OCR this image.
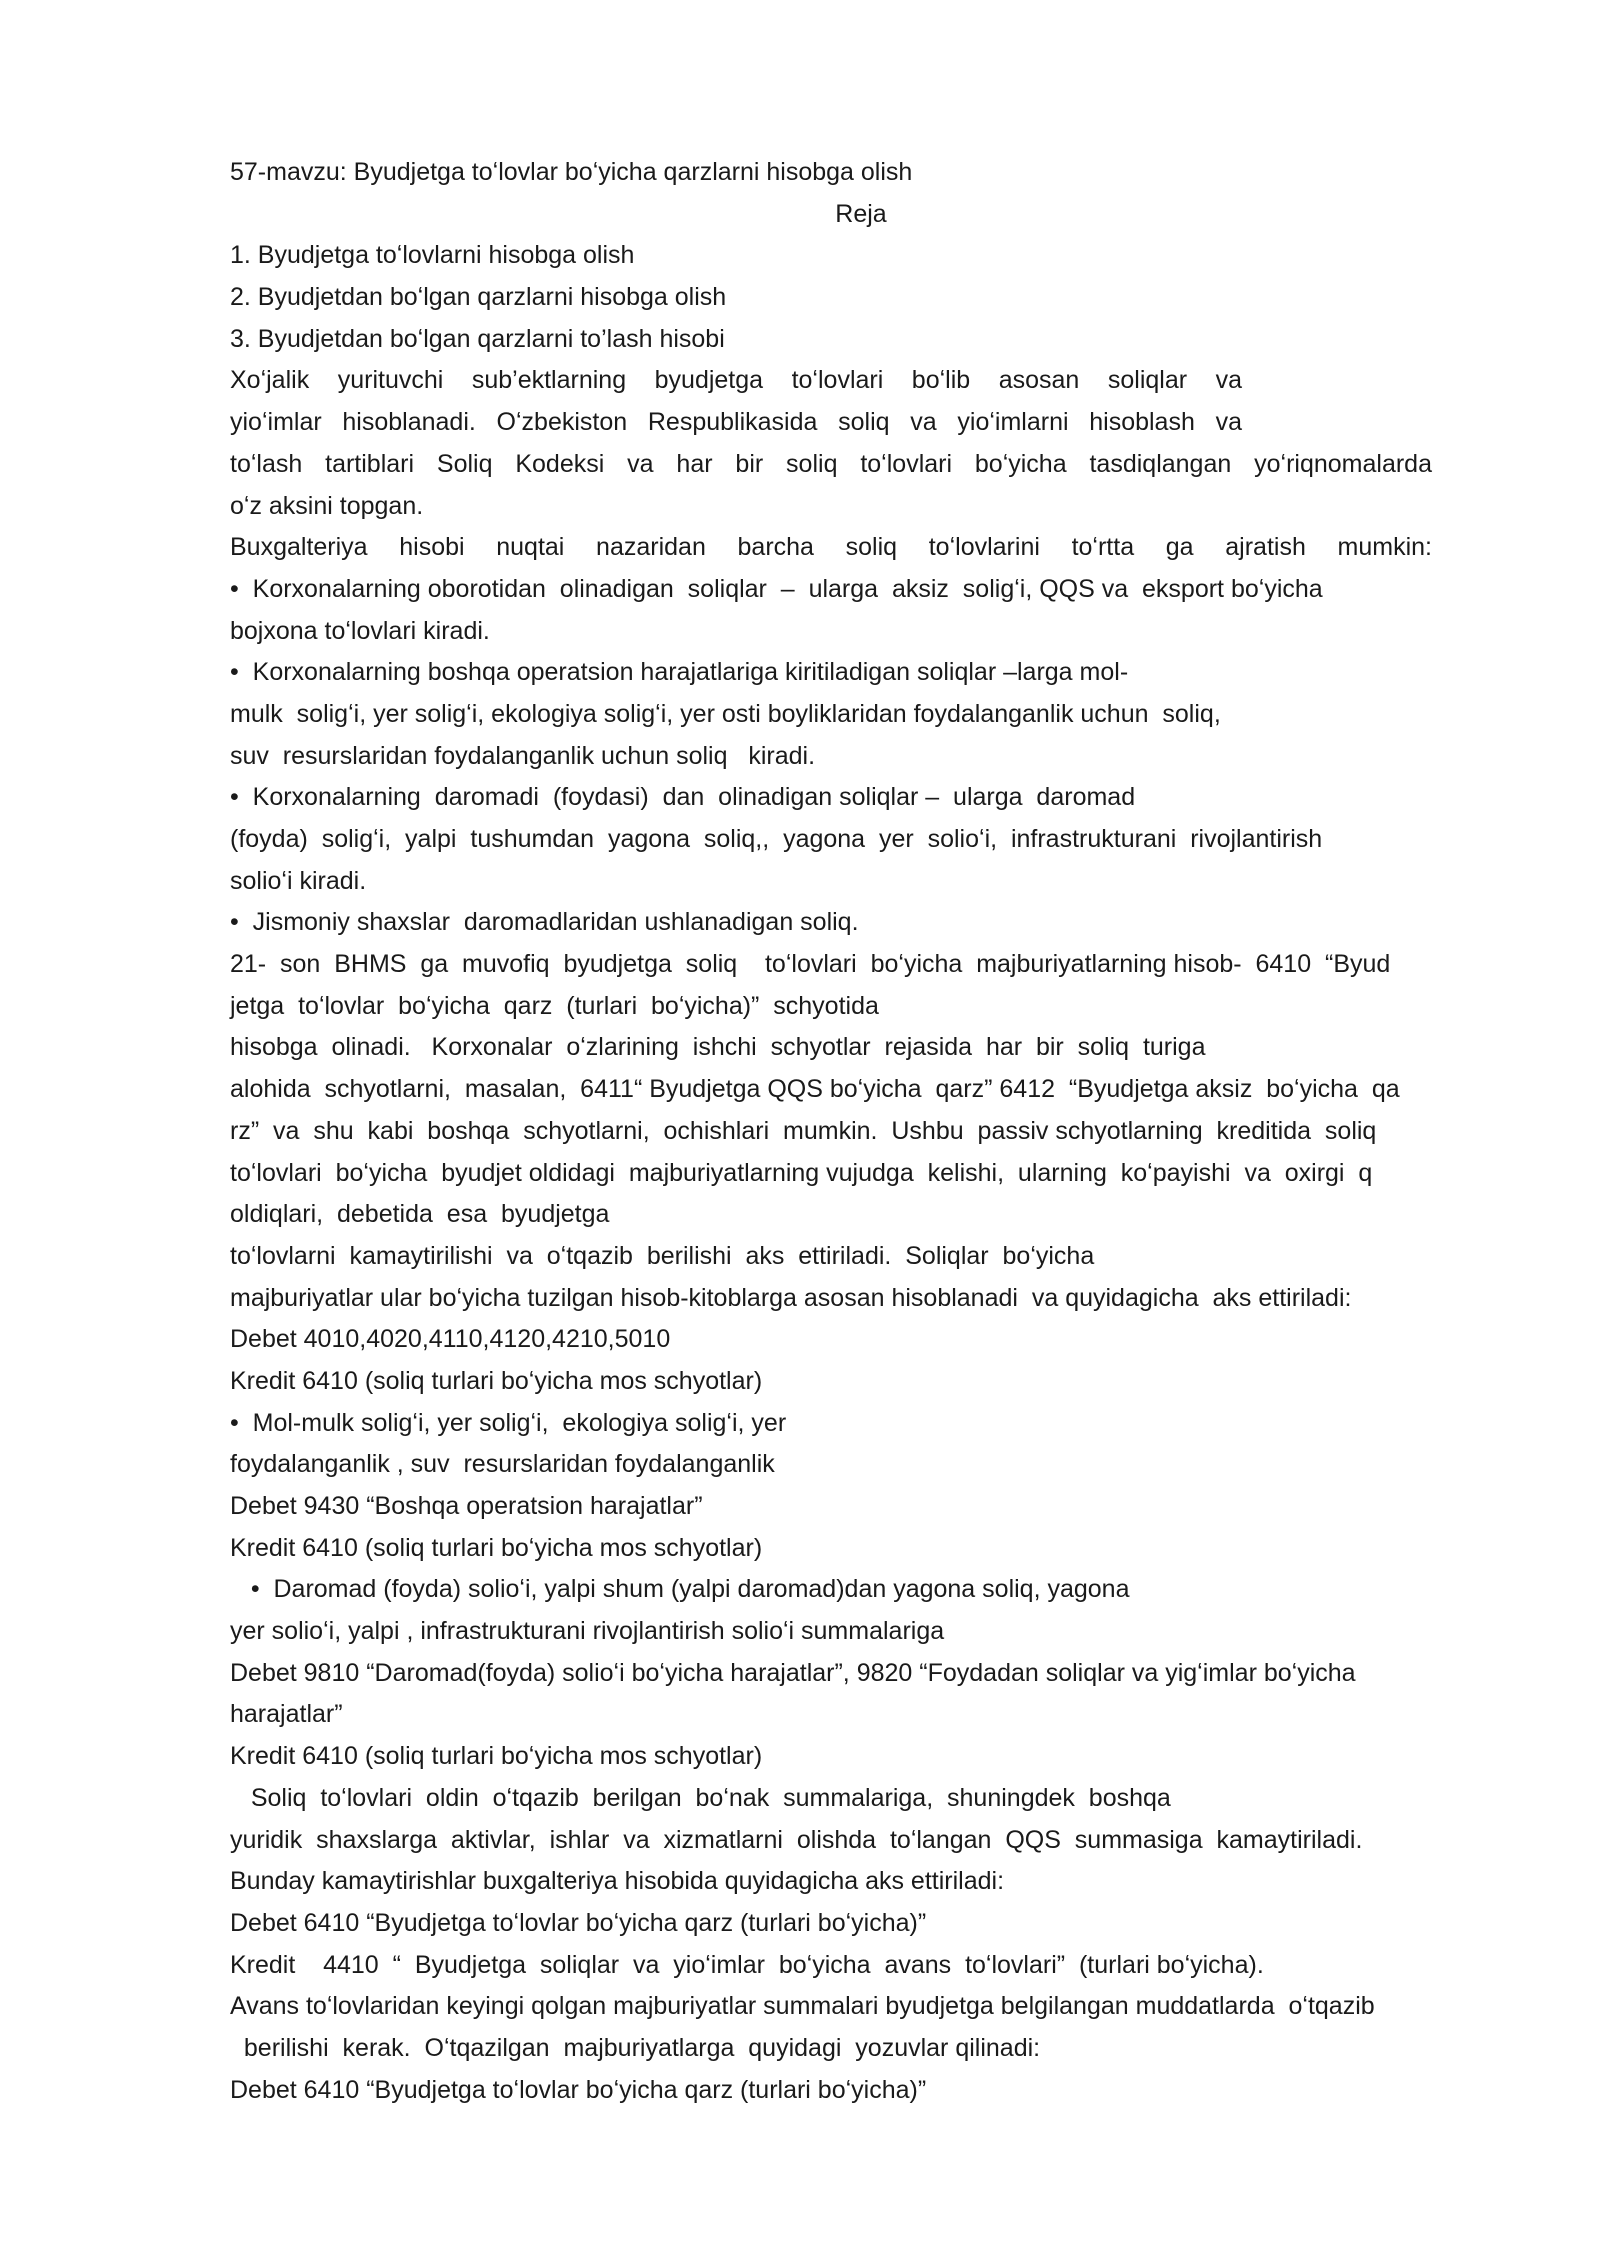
57-mavzu: Byudjetga toʻlovlar boʻyicha qarzlarni hisobga olish
Reja
1. Byudjetga toʻlovlarni hisobga olish
2. Byudjetdan boʻlgan qarzlarni hisobga olish
3. Byudjetdan boʻlgan qarzlarni to’lash hisobi
Xoʻjalik yurituvchi sub’ektlarning byudjetga toʻlovlari boʻlib asosan soliqlar va
yioʻimlar hisoblanadi. Oʻzbekiston Respublikasida soliq va yioʻimlarni hisoblash va
toʻlash tartiblari Soliq Kodeksi va har bir soliq toʻlovlari boʻyicha tasdiqlangan yoʻriqnomalarda
oʻz aksini topgan.
Buxgalteriya hisobi nuqtai nazaridan barcha soliq toʻlovlarini toʻrtta ga ajratish mumkin:
•  Korxonalarning oborotidan  olinadigan  soliqlar  –  ularga  aksiz  soligʻi, QQS va  eksport boʻyicha
bojxona toʻlovlari kiradi.
•  Korxonalarning boshqa operatsion harajatlariga kiritiladigan soliqlar –larga mol-
mulk  soligʻi, yer soligʻi, ekologiya soligʻi, yer osti boyliklaridan foydalanganlik uchun  soliq,
suv  resurslaridan foydalanganlik uchun soliq   kiradi.
•  Korxonalarning  daromadi  (foydasi)  dan  olinadigan soliqlar –  ularga  daromad
(foyda)  soligʻi,  yalpi  tushumdan  yagona  soliq,,  yagona  yer  solioʻi,  infrastrukturani  rivojlantirish
solioʻi kiradi.
•  Jismoniy shaxslar  daromadlaridan ushlanadigan soliq.
21-  son  BHMS  ga  muvofiq  byudjetga  soliq    toʻlovlari  boʻyicha  majburiyatlarning hisob-  6410  “Byud
jetga  toʻlovlar  boʻyicha  qarz  (turlari  boʻyicha)”  schyotida
hisobga  olinadi.   Korxonalar  oʻzlarining  ishchi  schyotlar  rejasida  har  bir  soliq  turiga
alohida  schyotlarni,  masalan,  6411“ Byudjetga QQS boʻyicha  qarz” 6412  “Byudjetga aksiz  boʻyicha  qa
rz”  va  shu  kabi  boshqa  schyotlarni,  ochishlari  mumkin.  Ushbu  passiv schyotlarning  kreditida  soliq
toʻlovlari  boʻyicha  byudjet oldidagi  majburiyatlarning vujudga  kelishi,  ularning  koʻpayishi  va  oxirgi  q
oldiqlari,  debetida  esa  byudjetga
toʻlovlarni  kamaytirilishi  va  oʻtqazib  berilishi  aks  ettiriladi.  Soliqlar  boʻyicha
majburiyatlar ular boʻyicha tuzilgan hisob-kitoblarga asosan hisoblanadi  va quyidagicha  aks ettiriladi:
Debet 4010,4020,4110,4120,4210,5010
Kredit 6410 (soliq turlari boʻyicha mos schyotlar)
•  Mol-mulk soligʻi, yer soligʻi,  ekologiya soligʻi, yer
foydalanganlik , suv  resurslaridan foydalanganlik
Debet 9430 “Boshqa operatsion harajatlar”
Kredit 6410 (soliq turlari boʻyicha mos schyotlar)
•  Daromad (foyda) solioʻi, yalpi shum (yalpi daromad)dan yagona soliq, yagona
yer solioʻi, yalpi , infrastrukturani rivojlantirish solioʻi summalariga
Debet 9810 “Daromad(foyda) solioʻi boʻyicha harajatlar”, 9820 “Foydadan soliqlar va yigʻimlar boʻyicha
harajatlar”
Kredit 6410 (soliq turlari boʻyicha mos schyotlar)
Soliq  toʻlovlari  oldin  oʻtqazib  berilgan  boʻnak  summalariga,  shuningdek  boshqa
yuridik  shaxslarga  aktivlar,  ishlar  va  xizmatlarni  olishda  toʻlangan  QQS  summasiga  kamaytiriladi.
Bunday kamaytirishlar buxgalteriya hisobida quyidagicha aks ettiriladi:
Debet 6410 “Byudjetga toʻlovlar boʻyicha qarz (turlari boʻyicha)”
Kredit    4410  “  Byudjetga  soliqlar  va  yioʻimlar  boʻyicha  avans  toʻlovlari”  (turlari boʻyicha).
Avans toʻlovlaridan keyingi qolgan majburiyatlar summalari byudjetga belgilangan muddatlarda  oʻtqazib
berilishi  kerak.  Oʻtqazilgan  majburiyatlarga  quyidagi  yozuvlar qilinadi:
Debet 6410 “Byudjetga toʻlovlar boʻyicha qarz (turlari boʻyicha)”
